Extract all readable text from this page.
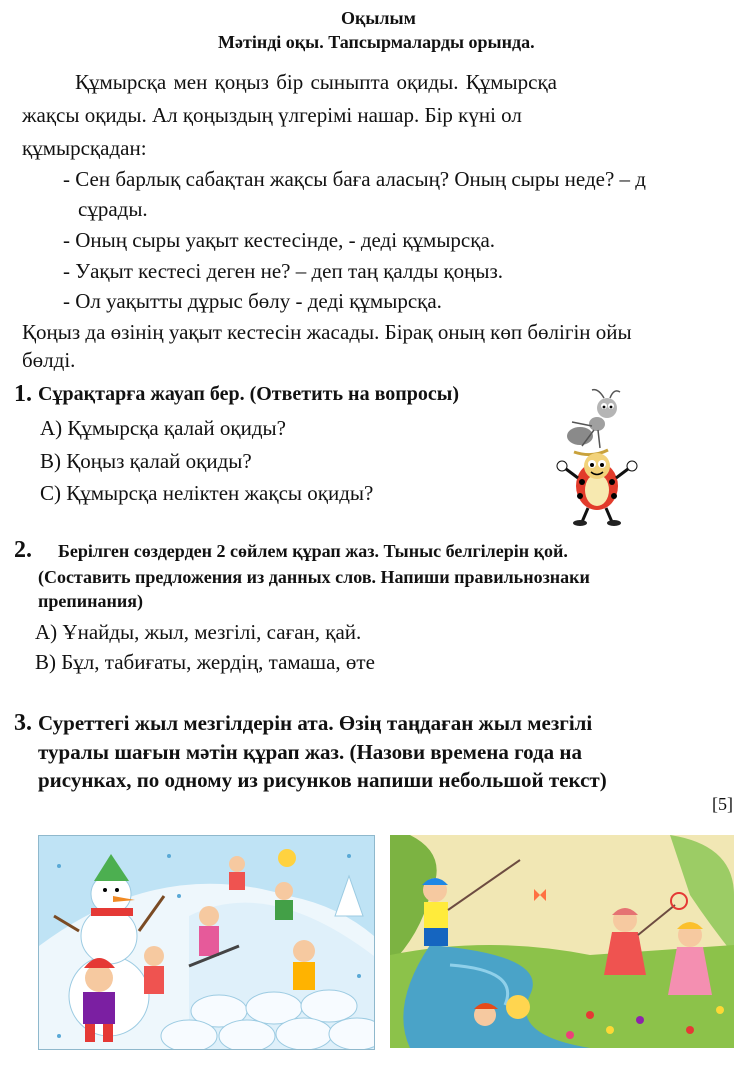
Оқылым
Мәтінді оқы. Тапсырмаларды орында.
Құмырсқа мен қоңыз бір сыныпта оқиды. Құмырсқа
жақсы оқиды. Ал қоңыздың үлгерімі нашар. Бір күні ол
құмырсқадан:
- Сен барлық сабақтан жақсы баға аласың? Оның сыры неде? – д
сұрады.
- Оның сыры уақыт кестесінде, - деді құмырсқа.
- Уақыт кестесі деген не? – деп таң қалды қоңыз.
- Ол уақытты дұрыс бөлу - деді құмырсқа.
Қоңыз да өзінің уақыт кестесін жасады. Бірақ оның көп бөлігін ойы
бөлді.
1. Сұрақтарға жауап бер. (Ответить на вопросы)
А) Құмырсқа қалай оқиды?
В) Қоңыз қалай оқиды?
С) Құмырсқа неліктен жақсы оқиды?
2. Берілген сөздерден 2 сөйлем құрап жаз. Тыныс белгілерін қой.
(Составить предложения из данных слов. Напиши правильнознаки
препинания)
А) Ұнайды, жыл, мезгілі, саған, қай.
В) Бұл, табиғаты, жердің, тамаша, өте
3. Суреттегі жыл мезгілдерін ата. Өзің таңдаған жыл мезгілі
туралы шағын мәтін құрап жаз. (Назови времена года на
рисунках, по одному из рисунков напиши небольшой текст)
[5]
